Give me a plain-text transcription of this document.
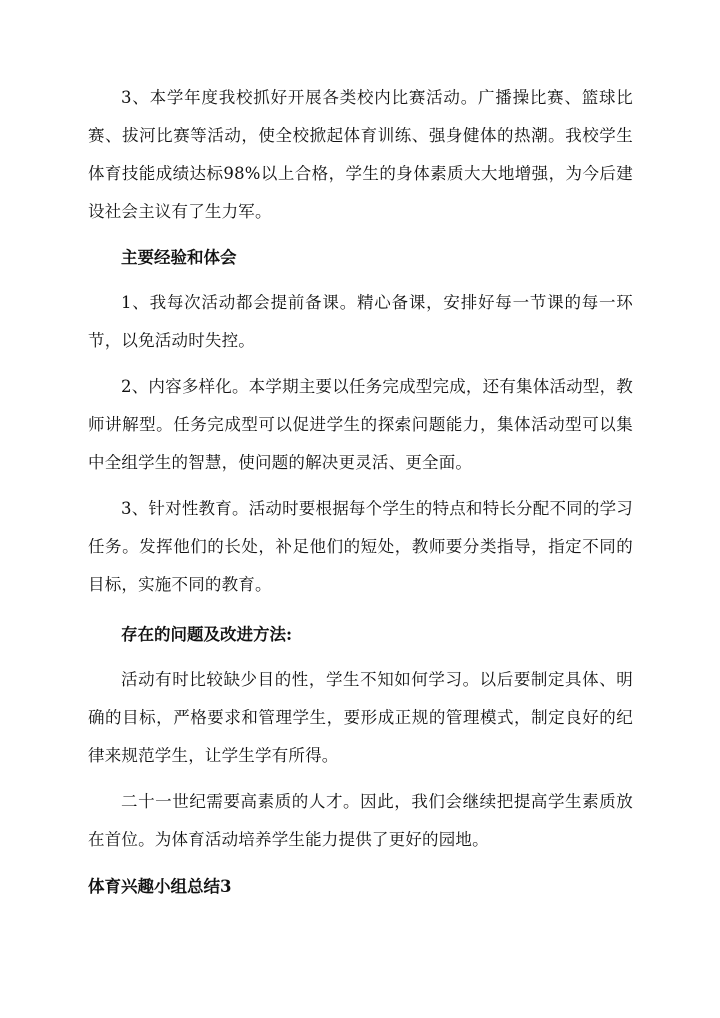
3、本学年度我校抓好开展各类校内比赛活动。广播操比赛、篮球比赛、拔河比赛等活动，使全校掀起体育训练、强身健体的热潮。我校学生体育技能成绩达标98%以上合格，学生的身体素质大大地增强，为今后建设社会主议有了生力军。

主要经验和体会

1、我每次活动都会提前备课。精心备课，安排好每一节课的每一环节，以免活动时失控。

2、内容多样化。本学期主要以任务完成型完成，还有集体活动型，教师讲解型。任务完成型可以促进学生的探索问题能力，集体活动型可以集中全组学生的智慧，使问题的解决更灵活、更全面。

3、针对性教育。活动时要根据每个学生的特点和特长分配不同的学习任务。发挥他们的长处，补足他们的短处，教师要分类指导，指定不同的目标，实施不同的教育。

存在的问题及改进方法:

活动有时比较缺少目的性，学生不知如何学习。以后要制定具体、明确的目标，严格要求和管理学生，要形成正规的管理模式，制定良好的纪律来规范学生，让学生学有所得。

二十一世纪需要高素质的人才。因此，我们会继续把提高学生素质放在首位。为体育活动培养学生能力提供了更好的园地。

体育兴趣小组总结3
